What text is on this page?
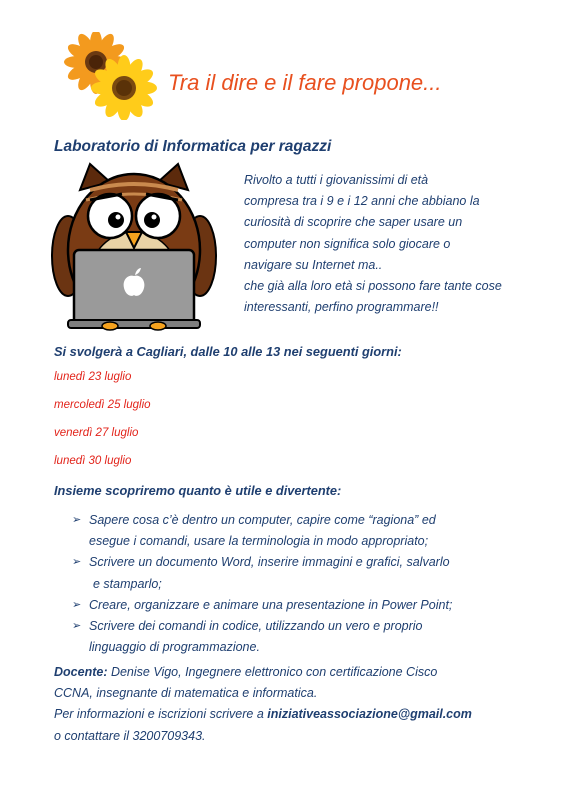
Tra il dire e il fare propone...
Laboratorio di Informatica per ragazzi

Rivolto a tutti i giovanissimi di età

compresa tra i 9 e i 12 anni che abbiano la

curiosità di scoprire che saper usare un

computer non significa solo giocare o

navigare su Internet ma..

che già alla loro età si possono fare tante cose

interessanti, perfino programmare!!

Si svolgerà a Cagliari, dalle 10 alle 13 nei seguenti giorni:
lunedì 23 luglio
mercoledì 25 luglio
venerdì 27 luglio
lunedì 30 luglio
Insieme scopriremo quanto è utile e divertente:
➢ Sapere cosa c’è dentro un computer, capire come “ragiona” ed
esegue i comandi, usare la terminologia in modo appropriato;
➢ Scrivere un documento Word, inserire immagini e grafici, salvarlo
e stamparlo;
➢ Creare, organizzare e animare una presentazione in Power Point;
➢ Scrivere dei comandi in codice, utilizzando un vero e proprio
linguaggio di programmazione.

Docente: Denise Vigo, Ingegnere elettronico con certificazione Cisco

CCNA, insegnante di matematica e informatica.

Per informazioni e iscrizioni scrivere a iniziativeassociazione@gmail.com

o contattare il 3200709343.
